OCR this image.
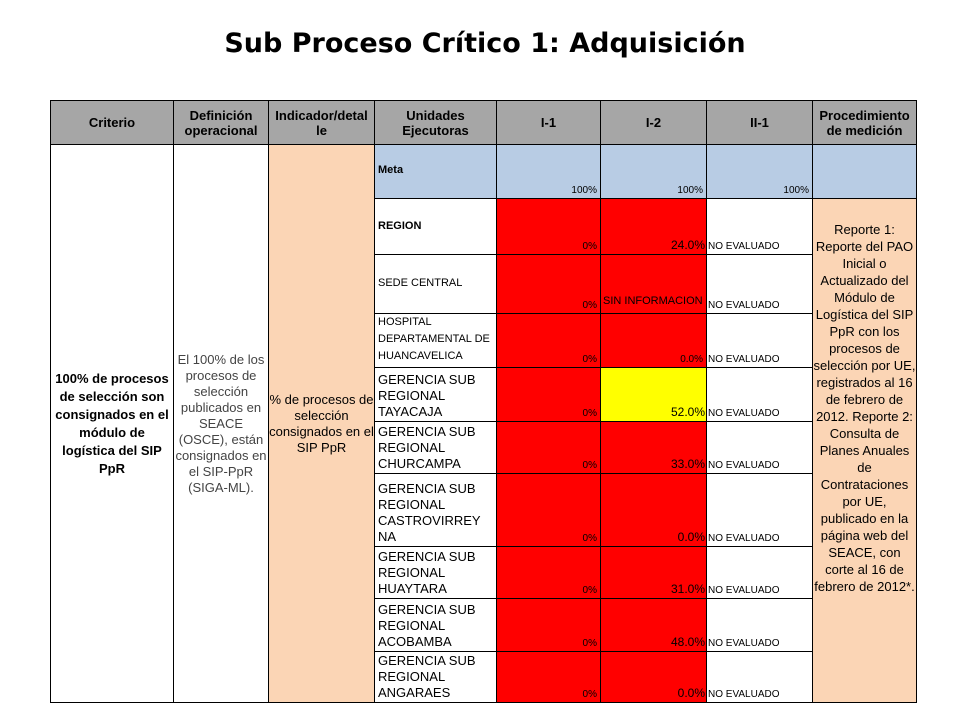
Sub Proceso Crítico 1: Adquisición
Criterio	Definición operacional	Indicador/detal le	Unidades Ejecutoras	I-1	I-2	II-1	Procedimiento de medición
100% de procesos de selección son consignados en el módulo de logística del SIP PpR	El 100% de los procesos de selección publicados en SEACE (OSCE), están consignados en el SIP-PpR (SIGA-ML).	% de procesos de selección consignados en el SIP PpR	Meta	100%	100%	100%	

			REGION	0%	24.0%	NO EVALUADO	Reporte 1: Reporte del PAO Inicial o Actualizado del Módulo de Logística del SIP PpR con los procesos de selección por UE, registrados al 16 de febrero de 2012. Reporte 2: Consulta de Planes Anuales de Contrataciones por UE, publicado en la página web del SEACE, con corte al 16 de febrero de 2012*.

			SEDE CENTRAL	0%	SIN INFORMACION	NO EVALUADO	

			HOSPITAL DEPARTAMENTAL DE HUANCAVELICA	0%	0.0%	NO EVALUADO	

			GERENCIA SUB REGIONAL TAYACAJA	0%	52.0%	NO EVALUADO	

			GERENCIA SUB REGIONAL CHURCAMPA	0%	33.0%	NO EVALUADO	

			GERENCIA SUB REGIONAL CASTROVIRREY NA	0%	0.0%	NO EVALUADO	

			GERENCIA SUB REGIONAL HUAYTARA	0%	31.0%	NO EVALUADO	

			GERENCIA SUB REGIONAL ACOBAMBA	0%	48.0%	NO EVALUADO	

			GERENCIA SUB REGIONAL ANGARAES	0%	0.0%	NO EVALUADO	
